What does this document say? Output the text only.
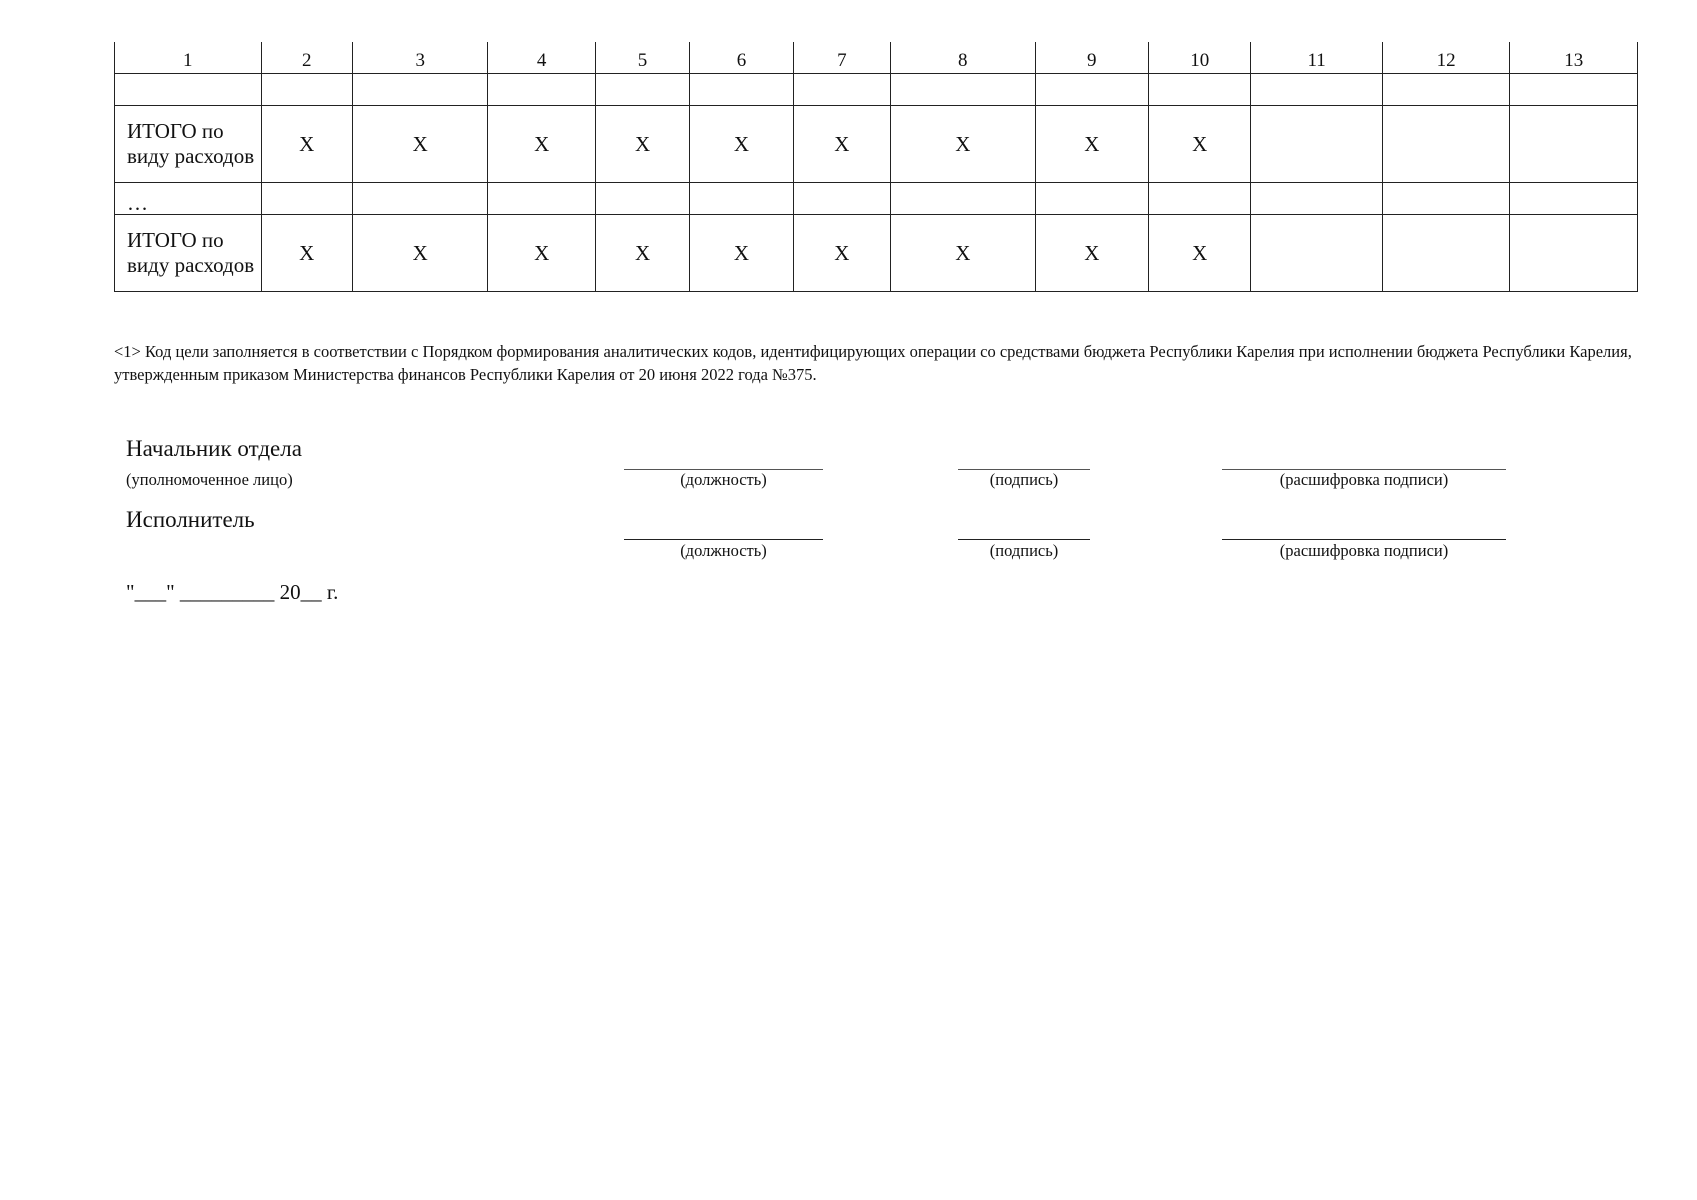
1	2	3	4	5	6	7	8	9	10	11	12	13

ИТОГО по виду расходов	X	X	X	X	X	X	X	X	X			
…												
ИТОГО по виду расходов	X	X	X	X	X	X	X	X	X			
<1> Код цели заполняется в соответствии с Порядком формирования аналитических кодов, идентифицирующих операции со средствами бюджета Республики Карелия при исполнении бюджета Республики Карелия, утвержденным приказом Министерства финансов Республики Карелия от 20 июня 2022 года №375.
Начальник отдела
(уполномоченное лицо)	(должность)	(подпись)	(расшифровка подписи)
Исполнитель
(должность)	(подпись)	(расшифровка подписи)
"___" _________ 20__ г.
